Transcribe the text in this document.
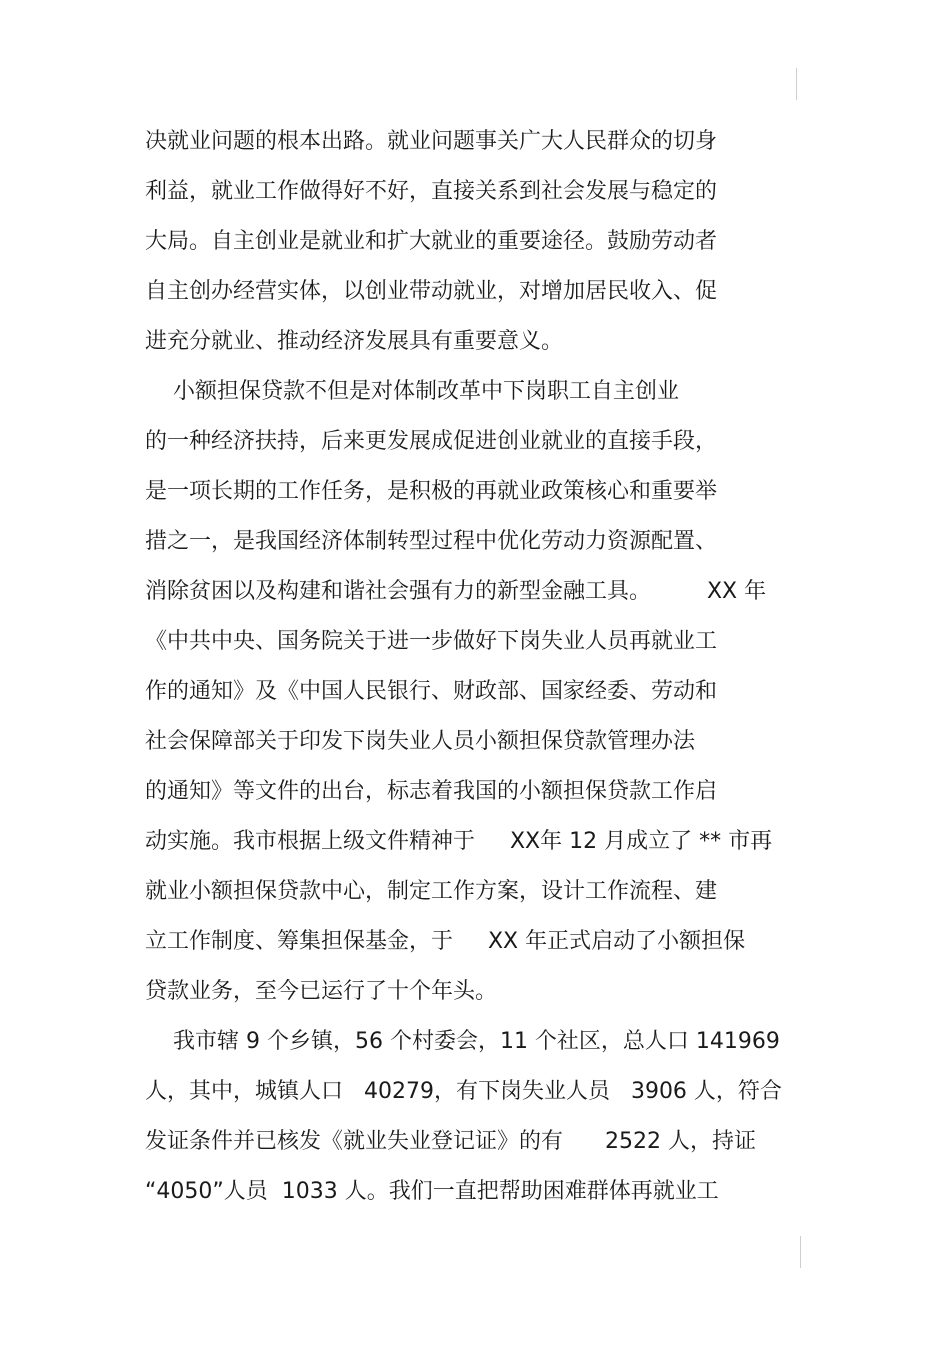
决就业问题的根本出路。就业问题事关广大人民群众的切身
利益，就业工作做得好不好，直接关系到社会发展与稳定的
大局。自主创业是就业和扩大就业的重要途径。鼓励劳动者
自主创办经营实体，以创业带动就业，对增加居民收入、促
进充分就业、推动经济发展具有重要意义。
小额担保贷款不但是对体制改革中下岗职工自主创业
的一种经济扶持，后来更发展成促进创业就业的直接手段，
是一项长期的工作任务，是积极的再就业政策核心和重要举
措之一，是我国经济体制转型过程中优化劳动力资源配置、
消除贫困以及构建和谐社会强有力的新型金融工具。        XX 年
《中共中央、国务院关于进一步做好下岗失业人员再就业工
作的通知》及《中国人民银行、财政部、国家经委、劳动和
社会保障部关于印发下岗失业人员小额担保贷款管理办法
的通知》等文件的出台，标志着我国的小额担保贷款工作启
动实施。我市根据上级文件精神于     XX年 12 月成立了 ** 市再
就业小额担保贷款中心，制定工作方案，设计工作流程、建
立工作制度、筹集担保基金，于     XX 年正式启动了小额担保
贷款业务，至今已运行了十个年头。
我市辖 9 个乡镇，56 个村委会，11 个社区，总人口 141969
人，其中，城镇人口   40279，有下岗失业人员   3906 人，符合
发证条件并已核发《就业失业登记证》的有      2522 人，持证
“4050”人员  1033 人。我们一直把帮助困难群体再就业工
